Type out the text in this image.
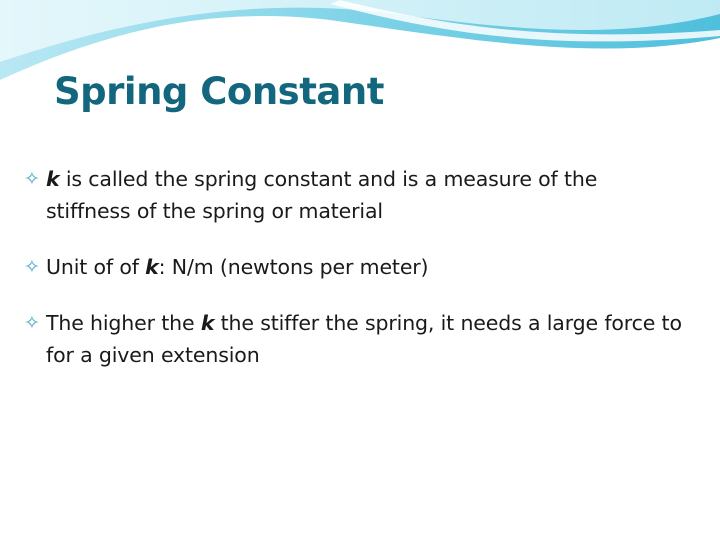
Spring Constant
✧ k is called the spring constant and is a measure of the stiffness of the spring or material
✧ Unit of of k: N/m (newtons per meter)
✧ The higher the k the stiffer the spring, it needs a large force to for a given extension
